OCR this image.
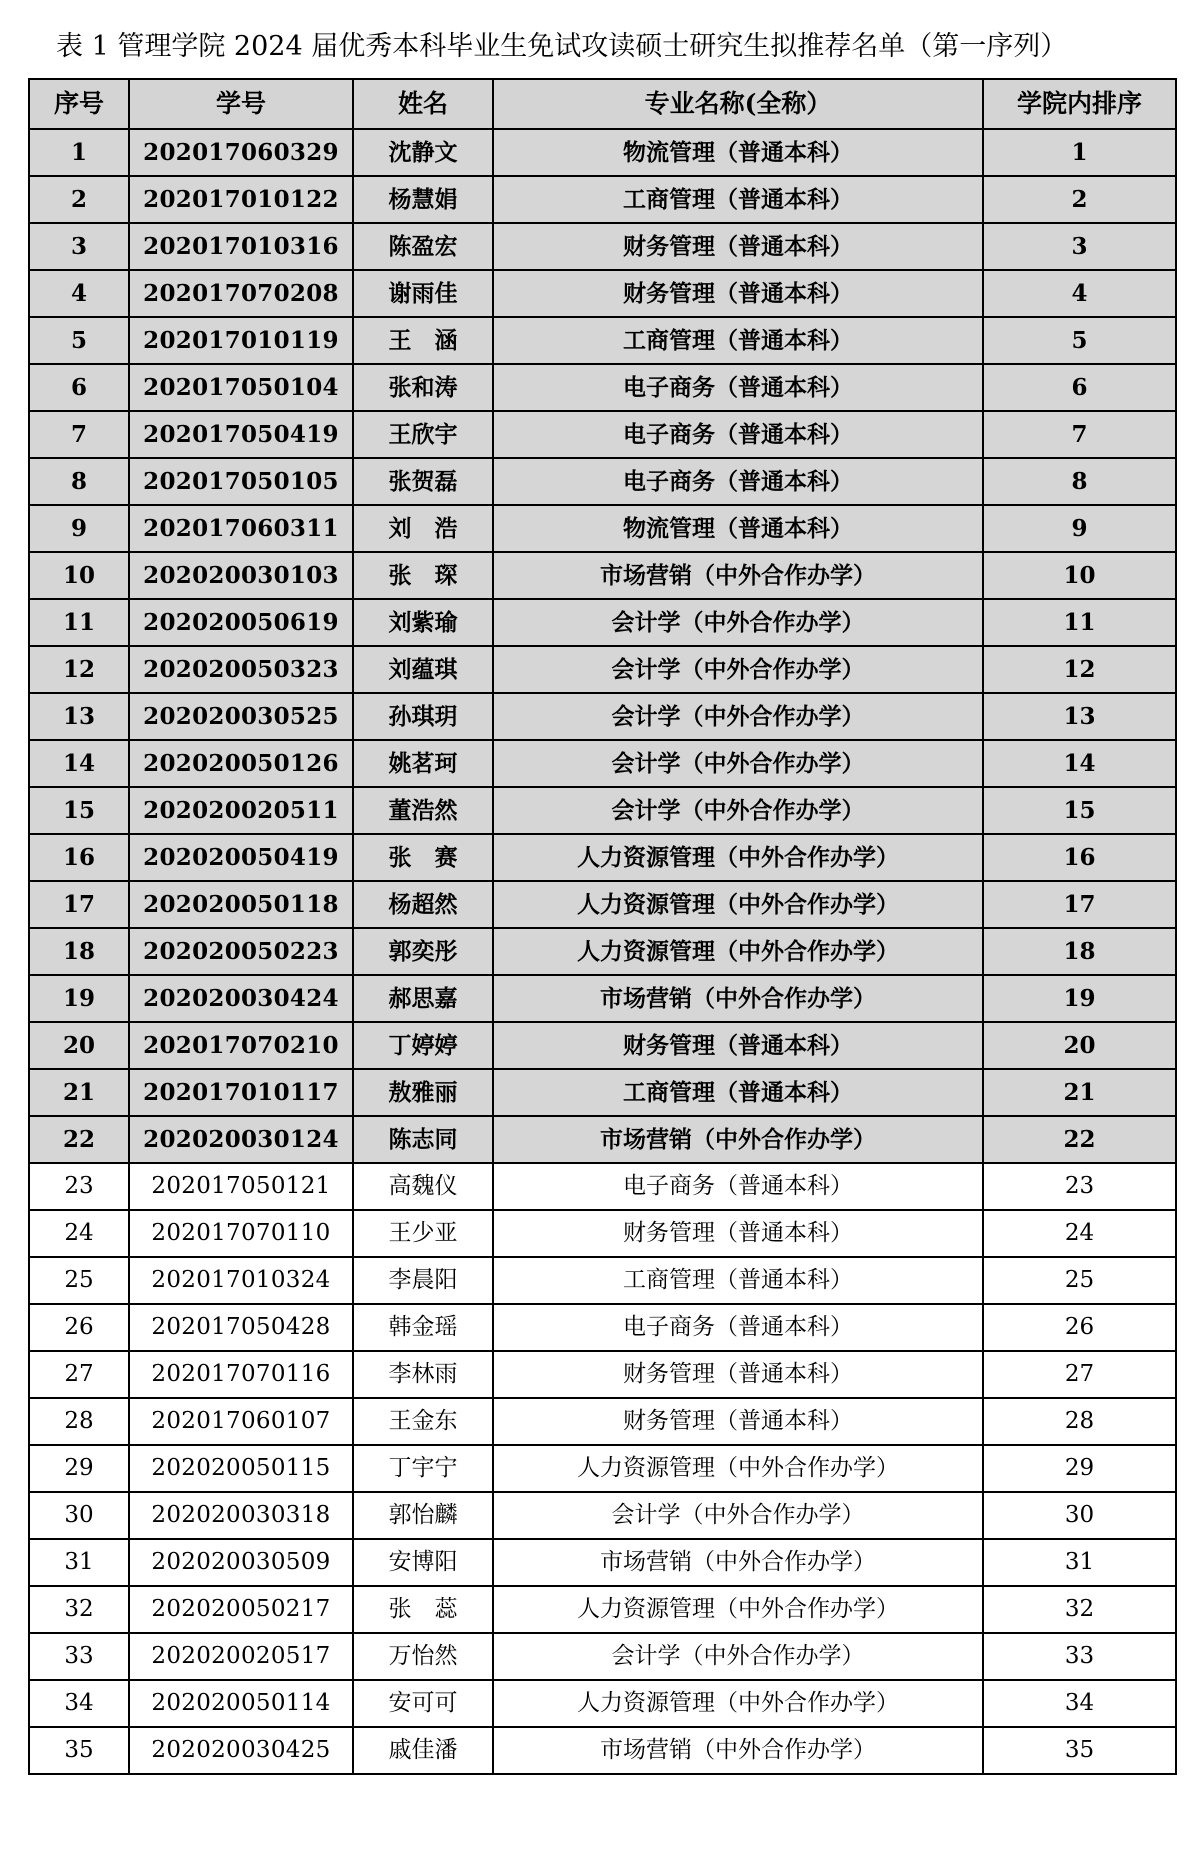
表 1 管理学院 2024 届优秀本科毕业生免试攻读硕士研究生拟推荐名单（第一序列）
序号	学号	姓名	专业名称(全称）	学院内排序
1	202017060329	沈静文	物流管理（普通本科）	1
2	202017010122	杨慧娟	工商管理（普通本科）	2
3	202017010316	陈盈宏	财务管理（普通本科）	3
4	202017070208	谢雨佳	财务管理（普通本科）	4
5	202017010119	王　涵	工商管理（普通本科）	5
6	202017050104	张和涛	电子商务（普通本科）	6
7	202017050419	王欣宇	电子商务（普通本科）	7
8	202017050105	张贺磊	电子商务（普通本科）	8
9	202017060311	刘　浩	物流管理（普通本科）	9
10	202020030103	张　琛	市场营销（中外合作办学）	10
11	202020050619	刘紫瑜	会计学（中外合作办学）	11
12	202020050323	刘蕴琪	会计学（中外合作办学）	12
13	202020030525	孙琪玥	会计学（中外合作办学）	13
14	202020050126	姚茗珂	会计学（中外合作办学）	14
15	202020020511	董浩然	会计学（中外合作办学）	15
16	202020050419	张　赛	人力资源管理（中外合作办学）	16
17	202020050118	杨超然	人力资源管理（中外合作办学）	17
18	202020050223	郭奕彤	人力资源管理（中外合作办学）	18
19	202020030424	郝思嘉	市场营销（中外合作办学）	19
20	202017070210	丁婷婷	财务管理（普通本科）	20
21	202017010117	敖雅丽	工商管理（普通本科）	21
22	202020030124	陈志同	市场营销（中外合作办学）	22
23	202017050121	高魏仪	电子商务（普通本科）	23
24	202017070110	王少亚	财务管理（普通本科）	24
25	202017010324	李晨阳	工商管理（普通本科）	25
26	202017050428	韩金瑶	电子商务（普通本科）	26
27	202017070116	李林雨	财务管理（普通本科）	27
28	202017060107	王金东	财务管理（普通本科）	28
29	202020050115	丁宇宁	人力资源管理（中外合作办学）	29
30	202020030318	郭怡麟	会计学（中外合作办学）	30
31	202020030509	安博阳	市场营销（中外合作办学）	31
32	202020050217	张　蕊	人力资源管理（中外合作办学）	32
33	202020020517	万怡然	会计学（中外合作办学）	33
34	202020050114	安可可	人力资源管理（中外合作办学）	34
35	202020030425	戚佳潘	市场营销（中外合作办学）	35
